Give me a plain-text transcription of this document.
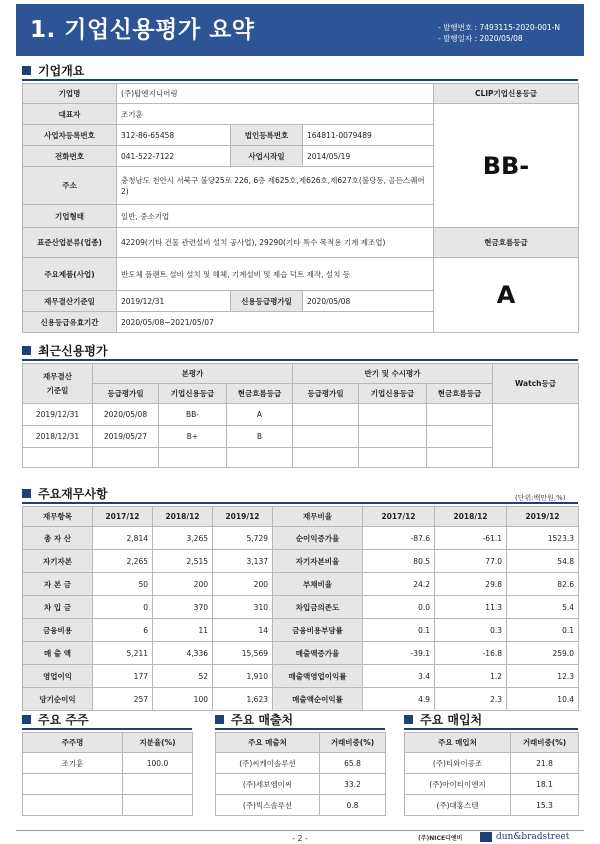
1. 기업신용평가 요약	- 발행번호 : 7493115-2020-001-N
- 발행일자 : 2020/05/08
기업개요
기업명	(주)탑엔지니어링			CLIP기업신용등급
대표자	조기훈			BB-
사업자등록번호	312-86-65458	법인등록번호	164811-0079489	
전화번호	041-522-7122	사업시작일	2014/05/19	
주소	충청남도 천안시 서북구 불당25로 226, 6층 제625호,제626호,제627호(불당동, 골든스퀘어2)			
기업형태	일반, 중소기업			
표준산업분류(업종)	42209(기타 건물 관련설비 설치 공사업), 29290(기타 특수 목적용 기계 제조업)			현금흐름등급
주요제품(사업)	반도체 플랜트 설비 설치 및 해체, 기계설비 및 제습 덕트 제작, 설치 등			A
재무결산기준일	2019/12/31	신용등급평가일	2020/05/08	
신용등급유효기간	2020/05/08~2021/05/07			
최근신용평가
재무결산
기준일	본평가			반기 및 수시평가			Watch등급
	등급평가일	기업신용등급	현금흐름등급	등급평가일	기업신용등급	현금흐름등급	
2019/12/31	2020/05/08	BB-	A				
2018/12/31	2019/05/27	B+	B				

주요재무사항	(단위:백만원,%)
재무항목	2017/12	2018/12	2019/12	재무비율	2017/12	2018/12	2019/12
총 자 산	2,814	3,265	5,729	순이익증가율	-87.6	-61.1	1523.3
자기자본	2,265	2,515	3,137	자기자본비율	80.5	77.0	54.8
자 본 금	50	200	200	부채비율	24.2	29.8	82.6
차 입 금	0	370	310	차입금의존도	0.0	11.3	5.4
금융비용	6	11	14	금융비용부담률	0.1	0.3	0.1
매 출 액	5,211	4,336	15,569	매출액증가율	-39.1	-16.8	259.0
영업이익	177	52	1,910	매출액영업이익률	3.4	1.2	12.3
당기순이익	257	100	1,623	매출액순이익률	4.9	2.3	10.4
주요 주주
주주명	지분율(%)
조기훈	100.0

주요 매출처
주요 매출처	거래비중(%)
(주)씨케이솔루션	65.8
(주)세보엠이씨	33.2
(주)빅스솔루션	0.8
주요 매입처
주요 매입처	거래비중(%)
(주)티와이공조	21.8
(주)아이티이엔지	18.1
(주)대홍스텐	15.3
- 2 -	(주)NICE디앤비	dun&bradstreet
